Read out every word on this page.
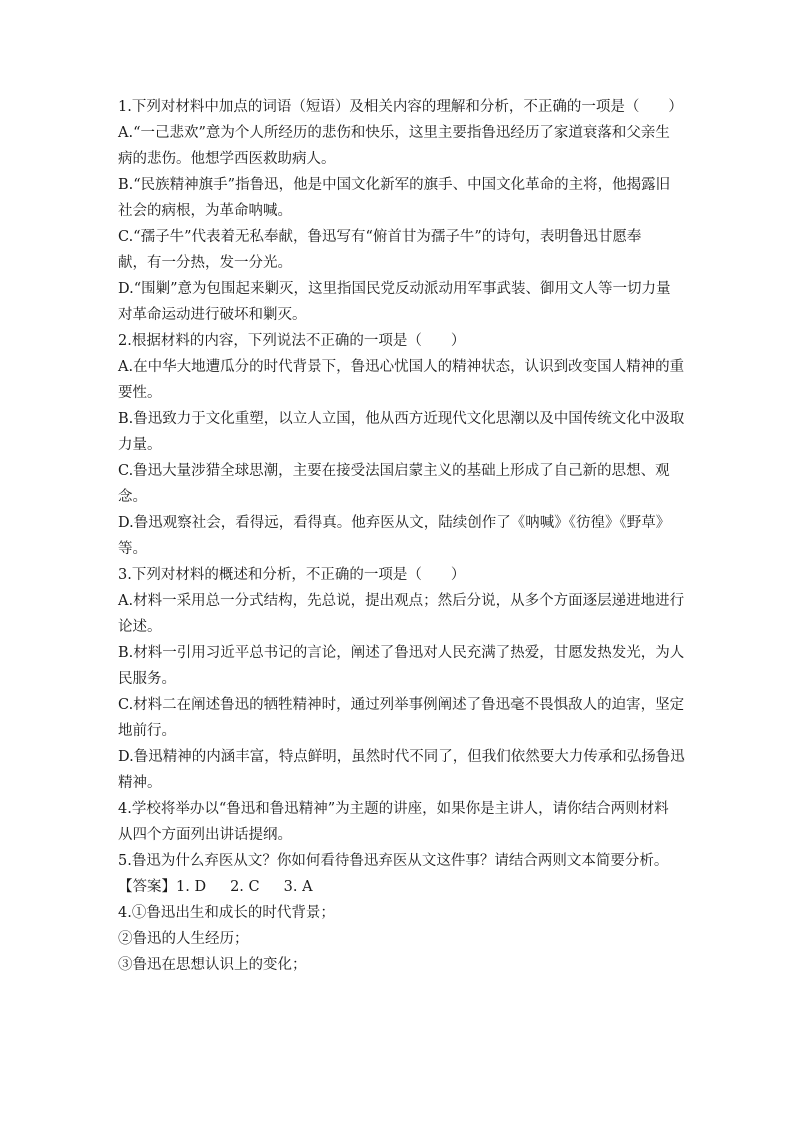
1.下列对材料中加点的词语（短语）及相关内容的理解和分析，不正确的一项是（　　）
A.“一己悲欢”意为个人所经历的悲伤和快乐，这里主要指鲁迅经历了家道衰落和父亲生
病的悲伤。他想学西医救助病人。
B.“民族精神旗手”指鲁迅，他是中国文化新军的旗手、中国文化革命的主将，他揭露旧
社会的病根，为革命呐喊。
C.“孺子牛”代表着无私奉献，鲁迅写有“俯首甘为孺子牛”的诗句，表明鲁迅甘愿奉
献，有一分热，发一分光。
D.“围剿”意为包围起来剿灭，这里指国民党反动派动用军事武装、御用文人等一切力量
对革命运动进行破坏和剿灭。
2.根据材料的内容，下列说法不正确的一项是（　　）
A.在中华大地遭瓜分的时代背景下，鲁迅心忧国人的精神状态，认识到改变国人精神的重
要性。
B.鲁迅致力于文化重塑，以立人立国，他从西方近现代文化思潮以及中国传统文化中汲取
力量。
C.鲁迅大量涉猎全球思潮，主要在接受法国启蒙主义的基础上形成了自己新的思想、观
念。
D.鲁迅观察社会，看得远，看得真。他弃医从文，陆续创作了《呐喊》《彷徨》《野草》
等。
3.下列对材料的概述和分析，不正确的一项是（　　）
A.材料一采用总一分式结构，先总说，提出观点；然后分说，从多个方面逐层递进地进行
论述。
B.材料一引用习近平总书记的言论，阐述了鲁迅对人民充满了热爱，甘愿发热发光，为人
民服务。
C.材料二在阐述鲁迅的牺牲精神时，通过列举事例阐述了鲁迅毫不畏惧敌人的迫害，坚定
地前行。
D.鲁迅精神的内涵丰富，特点鲜明，虽然时代不同了，但我们依然要大力传承和弘扬鲁迅
精神。
4.学校将举办以“鲁迅和鲁迅精神”为主题的讲座，如果你是主讲人，请你结合两则材料
从四个方面列出讲话提纲。
5.鲁迅为什么弃医从文？你如何看待鲁迅弃医从文这件事？请结合两则文本简要分析。
【答案】1. D 2. C 3. A
4.①鲁迅出生和成长的时代背景；
②鲁迅的人生经历；
③鲁迅在思想认识上的变化；
